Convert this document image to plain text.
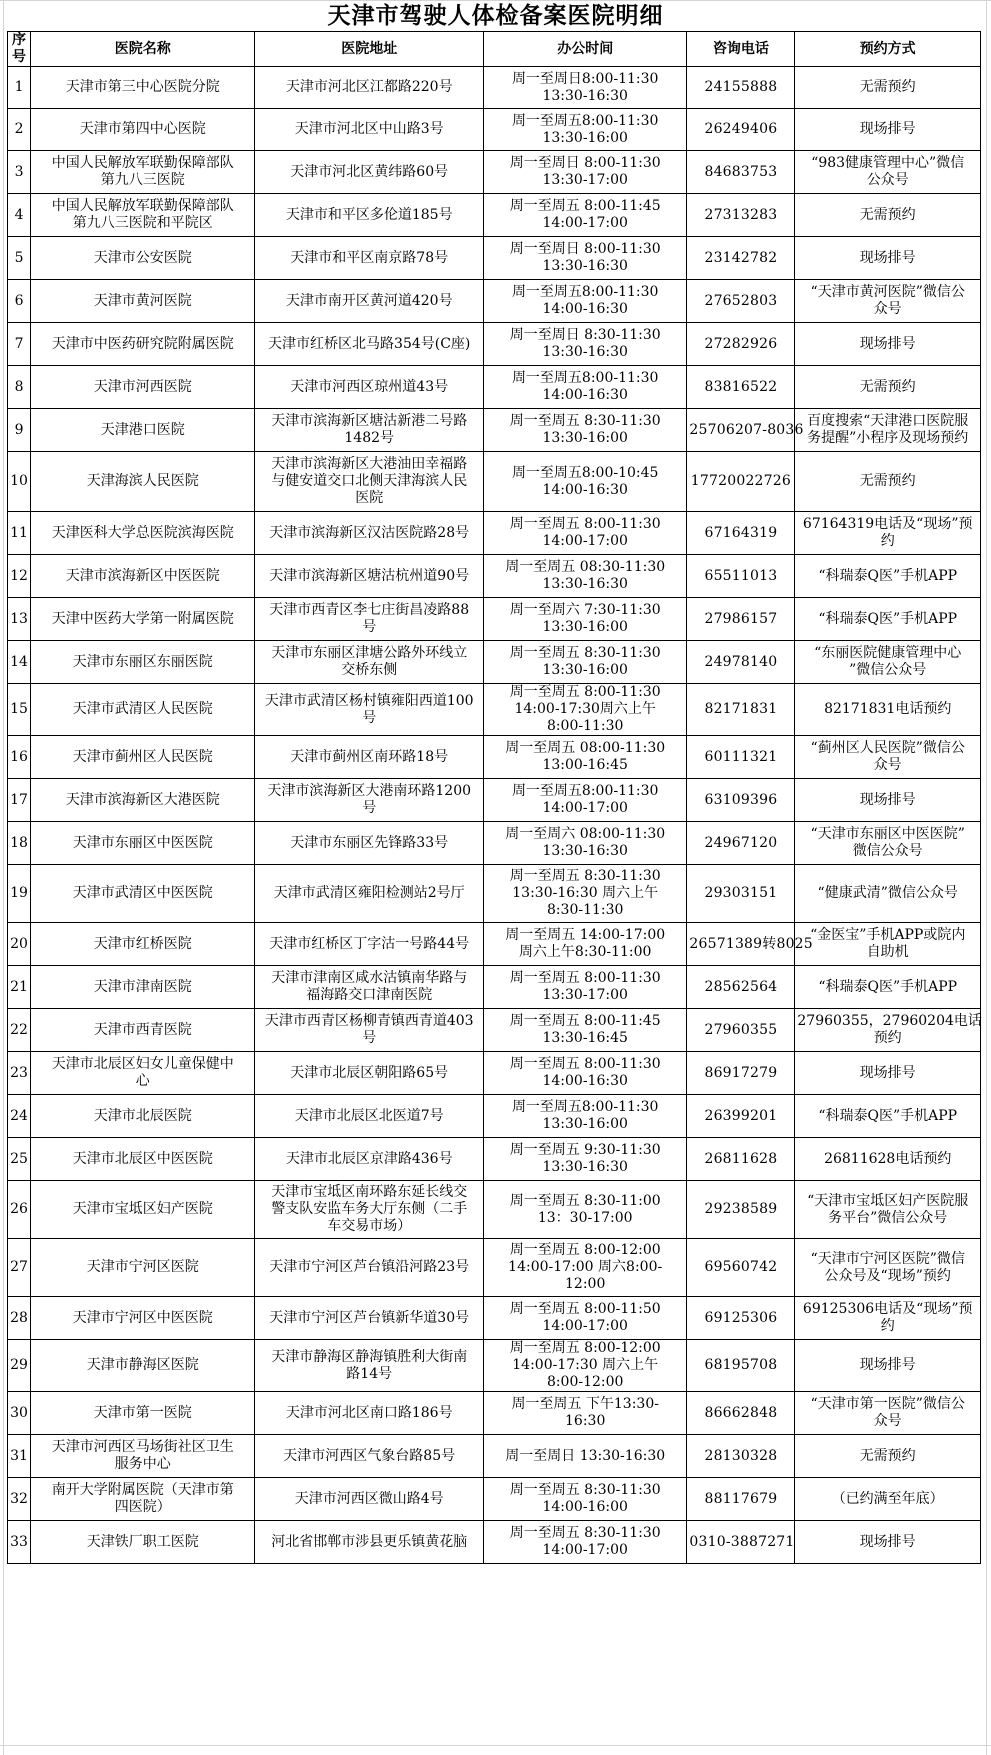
天津市驾驶人体检备案医院明细
序
号	医院名称	医院地址	办公时间	咨询电话	预约方式

1	天津市第三中心医院分院	天津市河北区江都路220号	周一至周日8:00-11:30
13:30-16:30	24155888	无需预约

2	天津市第四中心医院	天津市河北区中山路3号	周一至周五8:00-11:30
13:30-16:00	26249406	现场排号

3	中国人民解放军联勤保障部队
第九八三医院	天津市河北区黄纬路60号	周一至周日 8:00-11:30
13:30-17:00	84683753	“983健康管理中心”微信
公众号

4	中国人民解放军联勤保障部队
第九八三医院和平院区	天津市和平区多伦道185号	周一至周五 8:00-11:45
14:00-17:00	27313283	无需预约

5	天津市公安医院	天津市和平区南京路78号	周一至周日 8:00-11:30
13:30-16:30	23142782	现场排号

6	天津市黄河医院	天津市南开区黄河道420号	周一至周五8:00-11:30
14:00-16:30	27652803	“天津市黄河医院”微信公
众号

7	天津市中医药研究院附属医院	天津市红桥区北马路354号(C座)	周一至周日 8:30-11:30
13:30-16:30	27282926	现场排号

8	天津市河西医院	天津市河西区琼州道43号	周一至周五8:00-11:30
14:00-16:30	83816522	无需预约

9	天津港口医院	天津市滨海新区塘沽新港二号路
1482号	周一至周五 8:30-11:30
13:30-16:00	25706207-8036	百度搜索“天津港口医院服
务提醒”小程序及现场预约

10	天津海滨人民医院	天津市滨海新区大港油田幸福路
与健安道交口北侧天津海滨人民
医院	周一至周五8:00-10:45
14:00-16:30	17720022726	无需预约

11	天津医科大学总医院滨海医院	天津市滨海新区汉沽医院路28号	周一至周五 8:00-11:30
14:00-17:00	67164319	67164319电话及“现场”预
约

12	天津市滨海新区中医医院	天津市滨海新区塘沽杭州道90号	周一至周五 08:30-11:30
13:30-16:30	65511013	“科瑞泰Q医”手机APP

13	天津中医药大学第一附属医院	天津市西青区李七庄街昌凌路88
号	周一至周六 7:30-11:30
13:30-16:00	27986157	“科瑞泰Q医”手机APP

14	天津市东丽区东丽医院	天津市东丽区津塘公路外环线立
交桥东侧	周一至周五 8:30-11:30
13:30-16:00	24978140	“东丽医院健康管理中心
”微信公众号

15	天津市武清区人民医院	天津市武清区杨村镇雍阳西道100
号	周一至周五 8:00-11:30
14:00-17:30周六上午
8:00-11:30	82171831	82171831电话预约

16	天津市蓟州区人民医院	天津市蓟州区南环路18号	周一至周五 08:00-11:30
13:00-16:45	60111321	“蓟州区人民医院”微信公
众号

17	天津市滨海新区大港医院	天津市滨海新区大港南环路1200
号	周一至周五8:00-11:30
14:00-17:00	63109396	现场排号

18	天津市东丽区中医医院	天津市东丽区先锋路33号	周一至周六 08:00-11:30
13:30-16:30	24967120	“天津市东丽区中医医院”
微信公众号

19	天津市武清区中医医院	天津市武清区雍阳检测站2号厅	周一至周五 8:30-11:30
13:30-16:30 周六上午
8:30-11:30	29303151	“健康武清”微信公众号

20	天津市红桥医院	天津市红桥区丁字沽一号路44号	周一至周五 14:00-17:00
周六上午8:30-11:00	26571389转8025	“金医宝”手机APP或院内
自助机

21	天津市津南医院	天津市津南区咸水沽镇南华路与
福海路交口津南医院	周一至周五 8:00-11:30
13:30-17:00	28562564	“科瑞泰Q医”手机APP

22	天津市西青医院	天津市西青区杨柳青镇西青道403
号	周一至周五 8:00-11:45
13:30-16:45	27960355	27960355，27960204电话
预约

23	天津市北辰区妇女儿童保健中
心	天津市北辰区朝阳路65号	周一至周五 8:00-11:30
14:00-16:30	86917279	现场排号

24	天津市北辰医院	天津市北辰区北医道7号	周一至周五8:00-11:30
13:30-16:00	26399201	“科瑞泰Q医”手机APP

25	天津市北辰区中医医院	天津市北辰区京津路436号	周一至周五 9:30-11:30
13:30-16:30	26811628	26811628电话预约

26	天津市宝坻区妇产医院	天津市宝坻区南环路东延长线交
警支队安监车务大厅东侧（二手
车交易市场）	周一至周五 8:30-11:00
13：30-17:00	29238589	“天津市宝坻区妇产医院服
务平台”微信公众号

27	天津市宁河区医院	天津市宁河区芦台镇沿河路23号	周一至周五 8:00-12:00
14:00-17:00 周六8:00-
12:00	69560742	“天津市宁河区医院”微信
公众号及“现场”预约

28	天津市宁河区中医医院	天津市宁河区芦台镇新华道30号	周一至周五 8:00-11:50
14:00-17:00	69125306	69125306电话及“现场”预
约

29	天津市静海区医院	天津市静海区静海镇胜利大街南
路14号	周一至周五 8:00-12:00
14:00-17:30 周六上午
8:00-12:00	68195708	现场排号

30	天津市第一医院	天津市河北区南口路186号	周一至周五 下午13:30-
16:30	86662848	“天津市第一医院”微信公
众号

31	天津市河西区马场街社区卫生
服务中心	天津市河西区气象台路85号	周一至周日 13:30-16:30	28130328	无需预约

32	南开大学附属医院（天津市第
四医院）	天津市河西区微山路4号	周一至周五 8:30-11:30
14:00-16:00	88117679	（已约满至年底）

33	天津铁厂职工医院	河北省邯郸市涉县更乐镇黄花脑	周一至周五 8:30-11:30
14:00-17:00	0310-3887271	现场排号
